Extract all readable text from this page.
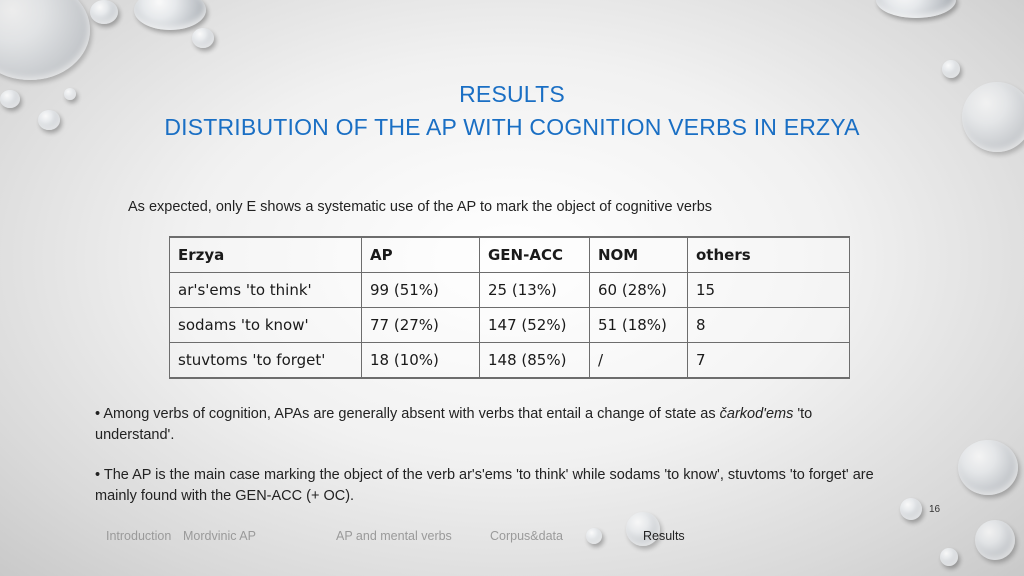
RESULTS
DISTRIBUTION OF THE AP WITH COGNITION VERBS IN ERZYA
As expected, only E shows a systematic use of the AP to mark the object of cognitive verbs
Erzya	AP	GEN-ACC	NOM	others
ar's'ems 'to think'	99 (51%)	25 (13%)	60 (28%)	15
sodams 'to know'	77 (27%)	147 (52%)	51 (18%)	8
stuvtoms 'to forget'	18 (10%)	148 (85%)	/	7
• Among verbs of cognition, APAs are generally absent with verbs that entail a change of state as čarkod'ems 'to understand'.
• The AP is the main case marking the object of the verb ar's'ems 'to think' while sodams 'to know', stuvtoms 'to forget' are mainly found with the GEN-ACC (+ OC).
16
Introduction Mordvinic AP	AP and mental verbs	Corpus&data	Results
